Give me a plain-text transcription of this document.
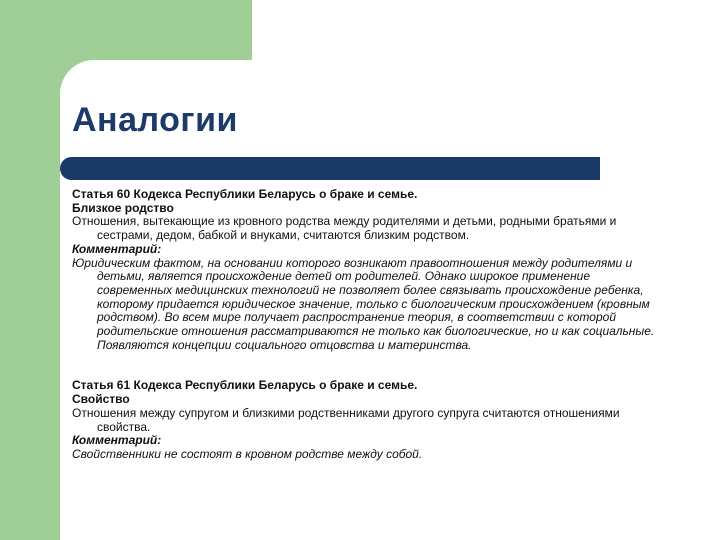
Аналогии

Статья 60 Кодекса Республики Беларусь о браке и семье.

Близкое родство

Отношения, вытекающие из кровного родства между родителями и детьми, родными братьями и сестрами, дедом, бабкой и внуками, считаются близким родством.

Комментарий:

Юридическим фактом, на основании которого возникают правоотношения между родителями и детьми, является происхождение детей от родителей. Однако широкое применение современных медицинских технологий не позволяет более связывать происхождение ребенка, которому придается юридическое значение, только с биологическим происхождением (кровным родством). Во всем мире получает распространение теория, в соответствии с которой родительские отношения рассматриваются не только как биологические, но и как социальные. Появляются концепции социального отцовства и материнства.

Статья 61 Кодекса Республики Беларусь о браке и семье.

Свойство

Отношения между супругом и близкими родственниками другого супруга считаются отношениями свойства.

Комментарий:

Свойственники не состоят в кровном родстве между собой.
